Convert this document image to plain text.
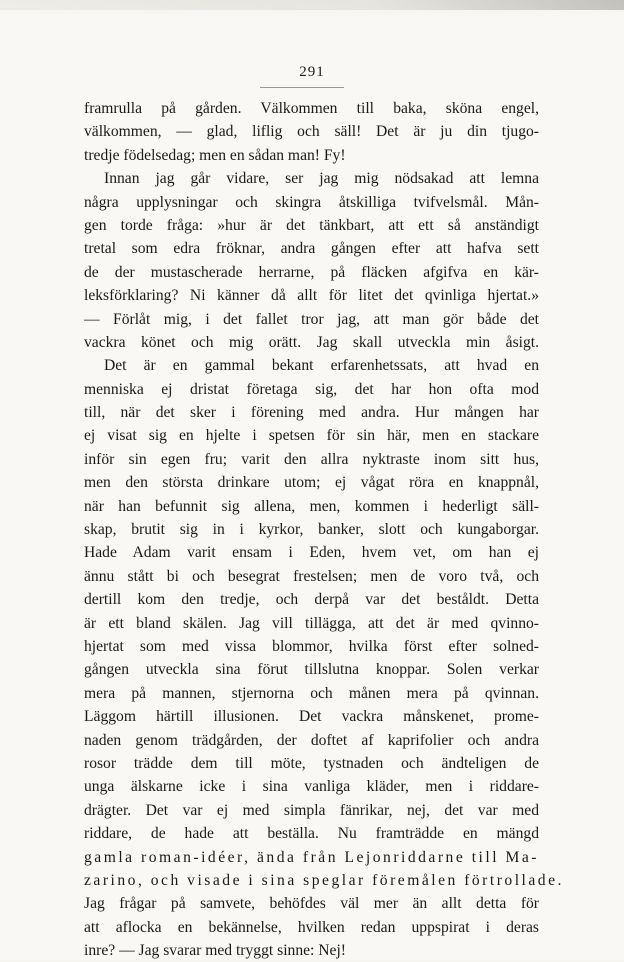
291
framrulla på gården. Välkommen till baka, sköna engel,
välkommen, — glad, liflig och säll! Det är ju din tjugo-
tredje födelsedag; men en sådan man! Fy!
Innan jag går vidare, ser jag mig nödsakad att lemna
några upplysningar och skingra åtskilliga tvifvelsmål. Mån-
gen torde fråga: »hur är det tänkbart, att ett så anständigt
tretal som edra fröknar, andra gången efter att hafva sett
de der mustascherade herrarne, på fläcken afgifva en kär-
leksförklaring? Ni känner då allt för litet det qvinliga hjertat.»
— Förlåt mig, i det fallet tror jag, att man gör både det
vackra könet och mig orätt. Jag skall utveckla min åsigt.
Det är en gammal bekant erfarenhetssats, att hvad en
menniska ej dristat företaga sig, det har hon ofta mod
till, när det sker i förening med andra. Hur mången har
ej visat sig en hjelte i spetsen för sin här, men en stackare
inför sin egen fru; varit den allra nyktraste inom sitt hus,
men den största drinkare utom; ej vågat röra en knappnål,
när han befunnit sig allena, men, kommen i hederligt säll-
skap, brutit sig in i kyrkor, banker, slott och kungaborgar.
Hade Adam varit ensam i Eden, hvem vet, om han ej
ännu stått bi och besegrat frestelsen; men de voro två, och
dertill kom den tredje, och derpå var det beståldt. Detta
är ett bland skälen. Jag vill tillägga, att det är med qvinno-
hjertat som med vissa blommor, hvilka först efter solned-
gången utveckla sina förut tillslutna knoppar. Solen verkar
mera på mannen, stjernorna och månen mera på qvinnan.
Läggom härtill illusionen. Det vackra månskenet, prome-
naden genom trädgården, der doftet af kaprifolier och andra
rosor trädde dem till möte, tystnaden och ändteligen de
unga älskarne icke i sina vanliga kläder, men i riddare-
drägter. Det var ej med simpla fänrikar, nej, det var med
riddare, de hade att beställa. Nu framträdde en mängd
gamla roman-idéer, ända från Lejonriddarne till Ma-
zarino, och visade i sina speglar föremålen förtrollade.
Jag frågar på samvete, behöfdes väl mer än allt detta för
att aflocka en bekännelse, hvilken redan uppspirat i deras
inre? — Jag svarar med tryggt sinne: Nej!
